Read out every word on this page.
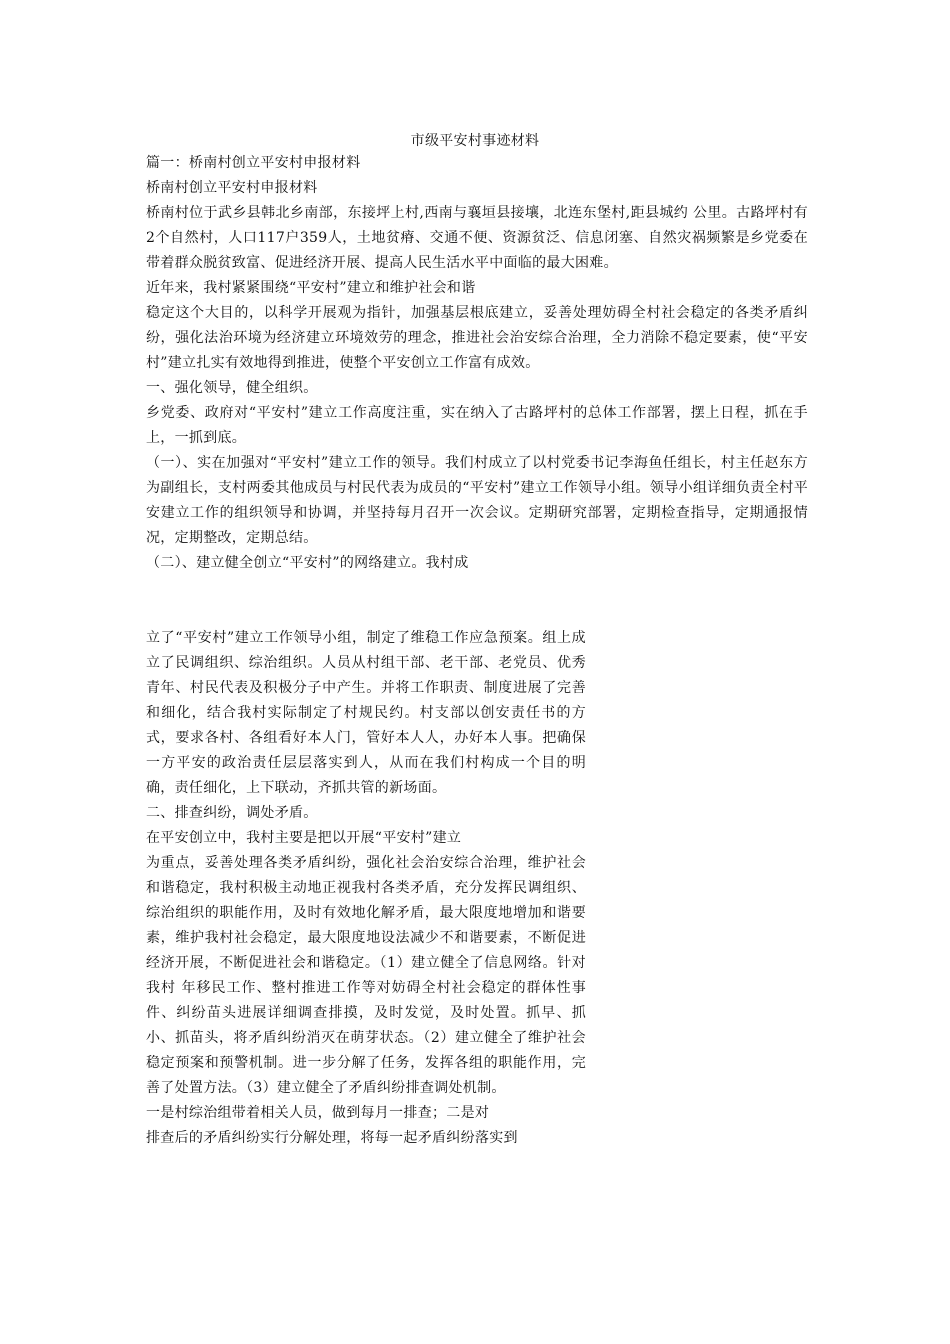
市级平安村事迹材料

篇一：桥南村创立平安村申报材料

桥南村创立平安村申报材料

桥南村位于武乡县韩北乡南部，东接坪上村,西南与襄垣县接壤，北连东堡村,距县城约 公里。古路坪村有2个自然村，人口117户359人，土地贫瘠、交通不便、资源贫泛、信息闭塞、自然灾祸频繁是乡党委在带着群众脱贫致富、促进经济开展、提高人民生活水平中面临的最大困难。

近年来，我村紧紧围绕“平安村”建立和维护社会和谐

稳定这个大目的，以科学开展观为指针，加强基层根底建立，妥善处理妨碍全村社会稳定的各类矛盾纠纷，强化法治环境为经济建立环境效劳的理念，推进社会治安综合治理，全力消除不稳定要素，使“平安村”建立扎实有效地得到推进，使整个平安创立工作富有成效。

一、强化领导，健全组织。

乡党委、政府对“平安村”建立工作高度注重，实在纳入了古路坪村的总体工作部署，摆上日程，抓在手上，一抓到底。

（一）、实在加强对“平安村”建立工作的领导。我们村成立了以村党委书记李海鱼任组长，村主任赵东方为副组长，支村两委其他成员与村民代表为成员的“平安村”建立工作领导小组。领导小组详细负责全村平安建立工作的组织领导和协调，并坚持每月召开一次会议。定期研究部署，定期检查指导，定期通报情况，定期整改，定期总结。

（二）、建立健全创立“平安村”的网络建立。我村成

立了“平安村”建立工作领导小组，制定了维稳工作应急预案。组上成立了民调组织、综治组织。人员从村组干部、老干部、老党员、优秀青年、村民代表及积极分子中产生。并将工作职责、制度进展了完善和细化，结合我村实际制定了村规民约。村支部以创安责任书的方式，要求各村、各组看好本人门，管好本人人，办好本人事。把确保一方平安的政治责任层层落实到人，从而在我们村构成一个目的明确，责任细化，上下联动，齐抓共管的新场面。

二、排查纠纷，调处矛盾。

在平安创立中，我村主要是把以开展“平安村”建立

为重点，妥善处理各类矛盾纠纷，强化社会治安综合治理，维护社会和谐稳定，我村积极主动地正视我村各类矛盾，充分发挥民调组织、综治组织的职能作用，及时有效地化解矛盾，最大限度地增加和谐要素，维护我村社会稳定，最大限度地设法减少不和谐要素，不断促进经济开展，不断促进社会和谐稳定。（1）建立健全了信息网络。针对我村 年移民工作、整村推进工作等对妨碍全村社会稳定的群体性事件、纠纷苗头进展详细调查排摸，及时发觉，及时处置。抓早、抓小、抓苗头，将矛盾纠纷消灭在萌芽状态。（2）建立健全了维护社会稳定预案和预警机制。进一步分解了任务，发挥各组的职能作用，完善了处置方法。（3）建立健全了矛盾纠纷排查调处机制。

一是村综治组带着相关人员，做到每月一排查；二是对

排查后的矛盾纠纷实行分解处理，将每一起矛盾纠纷落实到
